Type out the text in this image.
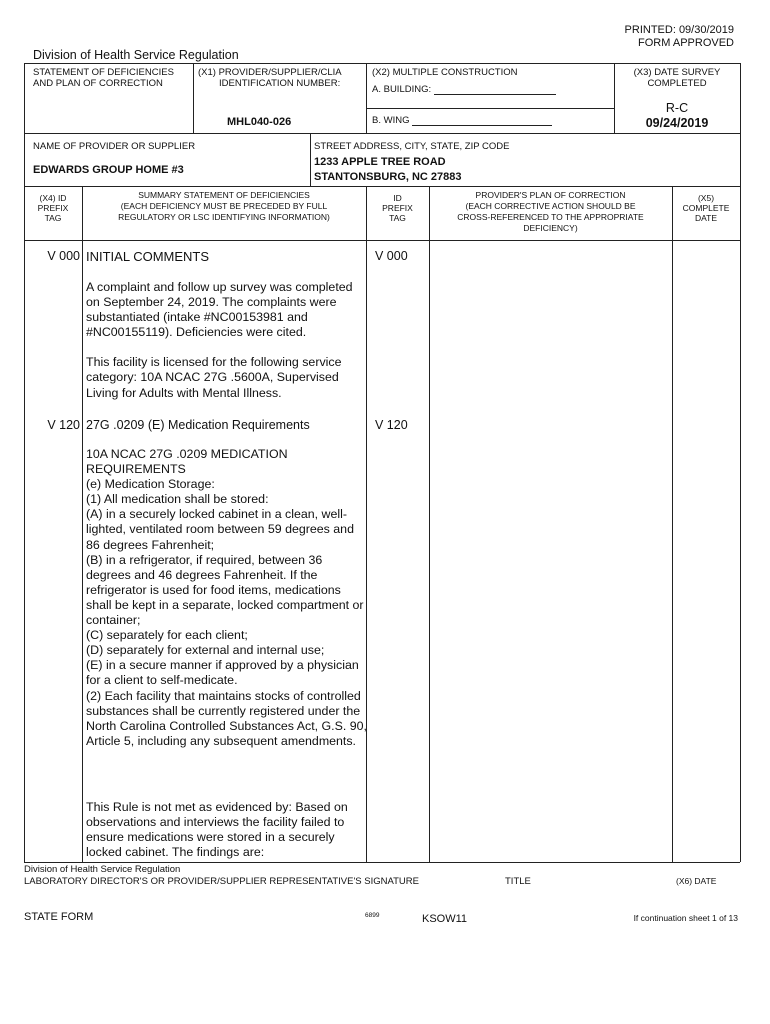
PRINTED: 09/30/2019
FORM APPROVED
Division of Health Service Regulation
STATEMENT OF DEFICIENCIES
AND PLAN OF CORRECTION
(X1) PROVIDER/SUPPLIER/CLIA
IDENTIFICATION NUMBER:
MHL040-026
(X2) MULTIPLE CONSTRUCTION
A. BUILDING:
B. WING
(X3) DATE SURVEY
COMPLETED
R-C
09/24/2019
NAME OF PROVIDER OR SUPPLIER
EDWARDS GROUP HOME #3
STREET ADDRESS, CITY, STATE, ZIP CODE
1233 APPLE TREE ROAD
STANTONSBURG, NC 27883
(X4) ID
PREFIX
TAG
SUMMARY STATEMENT OF DEFICIENCIES
(EACH DEFICIENCY MUST BE PRECEDED BY FULL
REGULATORY OR LSC IDENTIFYING INFORMATION)
ID
PREFIX
TAG
PROVIDER'S PLAN OF CORRECTION
(EACH CORRECTIVE ACTION SHOULD BE
CROSS-REFERENCED TO THE APPROPRIATE
DEFICIENCY)
(X5)
COMPLETE
DATE
V 000	V 000
INITIAL COMMENTS

A complaint and follow up survey was completed on September 24, 2019. The complaints were substantiated (intake #NC00153981 and #NC00155119). Deficiencies were cited.

This facility is licensed for the following service category: 10A NCAC 27G .5600A, Supervised Living for Adults with Mental Illness.

V 120	V 120
27G .0209 (E) Medication Requirements
10A NCAC 27G .0209 MEDICATION REQUIREMENTS
(e) Medication Storage:
(1) All medication shall be stored:
(A) in a securely locked cabinet in a clean, well-lighted, ventilated room between 59 degrees and 86 degrees Fahrenheit;
(B) in a refrigerator, if required, between 36 degrees and 46 degrees Fahrenheit. If the refrigerator is used for food items, medications shall be kept in a separate, locked compartment or container;
(C) separately for each client;
(D) separately for external and internal use;
(E) in a secure manner if approved by a physician for a client to self-medicate.
(2) Each facility that maintains stocks of controlled substances shall be currently registered under the North Carolina Controlled Substances Act, G.S. 90, Article 5, including any subsequent amendments.
This Rule is not met as evidenced by: Based on observations and interviews the facility failed to ensure medications were stored in a securely locked cabinet. The findings are:
Division of Health Service Regulation
LABORATORY DIRECTOR'S OR PROVIDER/SUPPLIER REPRESENTATIVE'S SIGNATURE	TITLE	(X6) DATE
STATE FORM	6899	KSOW11	If continuation sheet 1 of 13
